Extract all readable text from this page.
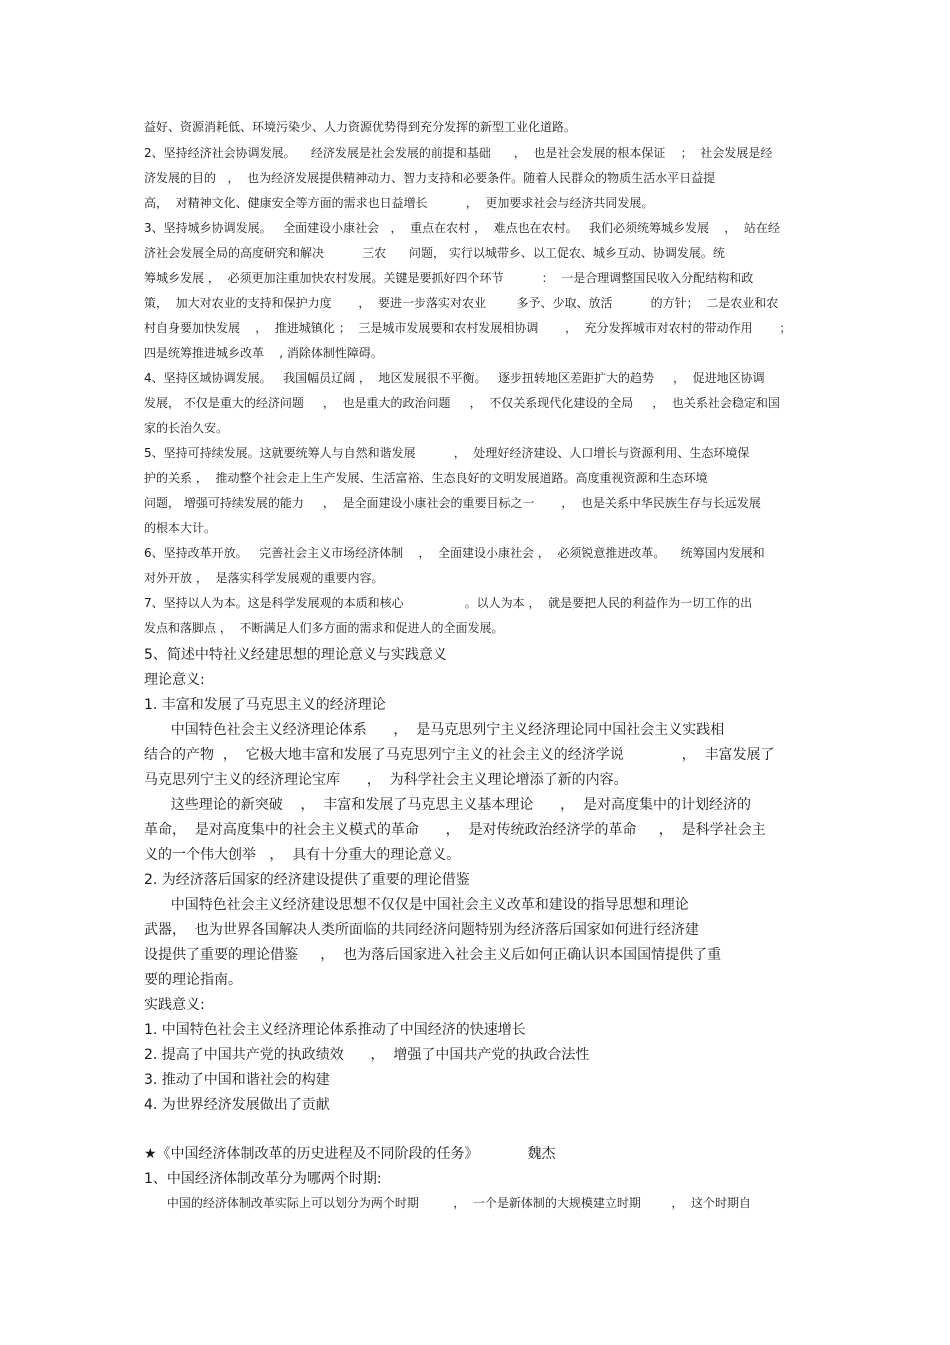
益好、资源消耗低、环境污染少、人力资源优势得到充分发挥的新型工业化道路。
2、坚持经济社会协调发展。    经济发展是社会发展的前提和基础      ，  也是社会发展的根本保证    ；  社会发展是经
济发展的目的   ，  也为经济发展提供精神动力、智力支持和必要条件。随着人民群众的物质生活水平日益提
高，  对精神文化、健康安全等方面的需求也日益增长          ，  更加要求社会与经济共同发展。
3、坚持城乡协调发展。   全面建设小康社会   ，  重点在农村 ，  难点也在农村。   我们必须统筹城乡发展    ，  站在经
济社会发展全局的高度研究和解决          三农      问题， 实行以城带乡、以工促农、城乡互动、协调发展。统
筹城乡发展 ，  必须更加注重加快农村发展。关键是要抓好四个环节          ：  一是合理调整国民收入分配结构和政
策，  加大对农业的支持和保护力度       ，  要进一步落实对农业        多予、少取、放活          的方针；  二是农业和农
村自身要加快发展    ，  推进城镇化 ；  三是城市发展要和农村发展相协调       ，  充分发挥城市对农村的带动作用       ；
四是统筹推进城乡改革    , 消除体制性障碍。
4、坚持区域协调发展。   我国幅员辽阔 ，  地区发展很不平衡。   逐步扭转地区差距扩大的趋势     ，  促进地区协调
发展， 不仅是重大的经济问题     ，  也是重大的政治问题     ，  不仅关系现代化建设的全局     ，  也关系社会稳定和国
家的长治久安。
5、坚持可持续发展。这就要统筹人与自然和谐发展          ，  处理好经济建设、人口增长与资源利用、生态环境保
护的关系 ，  推动整个社会走上生产发展、生活富裕、生态良好的文明发展道路。高度重视资源和生态环境
问题， 增强可持续发展的能力     ，  是全面建设小康社会的重要目标之一       ，  也是关系中华民族生存与长远发展
的根本大计。
6、坚持改革开放。   完善社会主义市场经济体制    ，  全面建设小康社会 ，  必须锐意推进改革。    统筹国内发展和
对外开放 ，  是落实科学发展观的重要内容。
7、坚持以人为本。这是科学发展观的本质和核心                。以人为本 ，  就是要把人民的利益作为一切工作的出
发点和落脚点 ，  不断满足人们多方面的需求和促进人的全面发展。
5、简述中特社义经建思想的理论意义与实践意义
理论意义:
1. 丰富和发展了马克思主义的经济理论
中国特色社会主义经济理论体系      ，  是马克思列宁主义经济理论同中国社会主义实践相
结合的产物  ，  它极大地丰富和发展了马克思列宁主义的社会主义的经济学说             ，  丰富发展了
马克思列宁主义的经济理论宝库      ，  为科学社会主义理论增添了新的内容。
这些理论的新突破    ，  丰富和发展了马克思主义基本理论      ，  是对高度集中的计划经济的
革命，  是对高度集中的社会主义模式的革命      ，  是对传统政治经济学的革命     ，  是科学社会主
义的一个伟大创举   ，  具有十分重大的理论意义。
2. 为经济落后国家的经济建设提供了重要的理论借鉴
中国特色社会主义经济建设思想不仅仅是中国社会主义改革和建设的指导思想和理论
武器，  也为世界各国解决人类所面临的共同经济问题特别为经济落后国家如何进行经济建
设提供了重要的理论借鉴     ，  也为落后国家进入社会主义后如何正确认识本国国情提供了重
要的理论指南。
实践意义:
1. 中国特色社会主义经济理论体系推动了中国经济的快速增长
2. 提高了中国共产党的执政绩效      ，  增强了中国共产党的执政合法性
3. 推动了中国和谐社会的构建
4. 为世界经济发展做出了贡献
★《中国经济体制改革的历史进程及不同阶段的任务》           魏杰
1、中国经济体制改革分为哪两个时期:
中国的经济体制改革实际上可以划分为两个时期         ，  一个是新体制的大规模建立时期        ，  这个时期自
